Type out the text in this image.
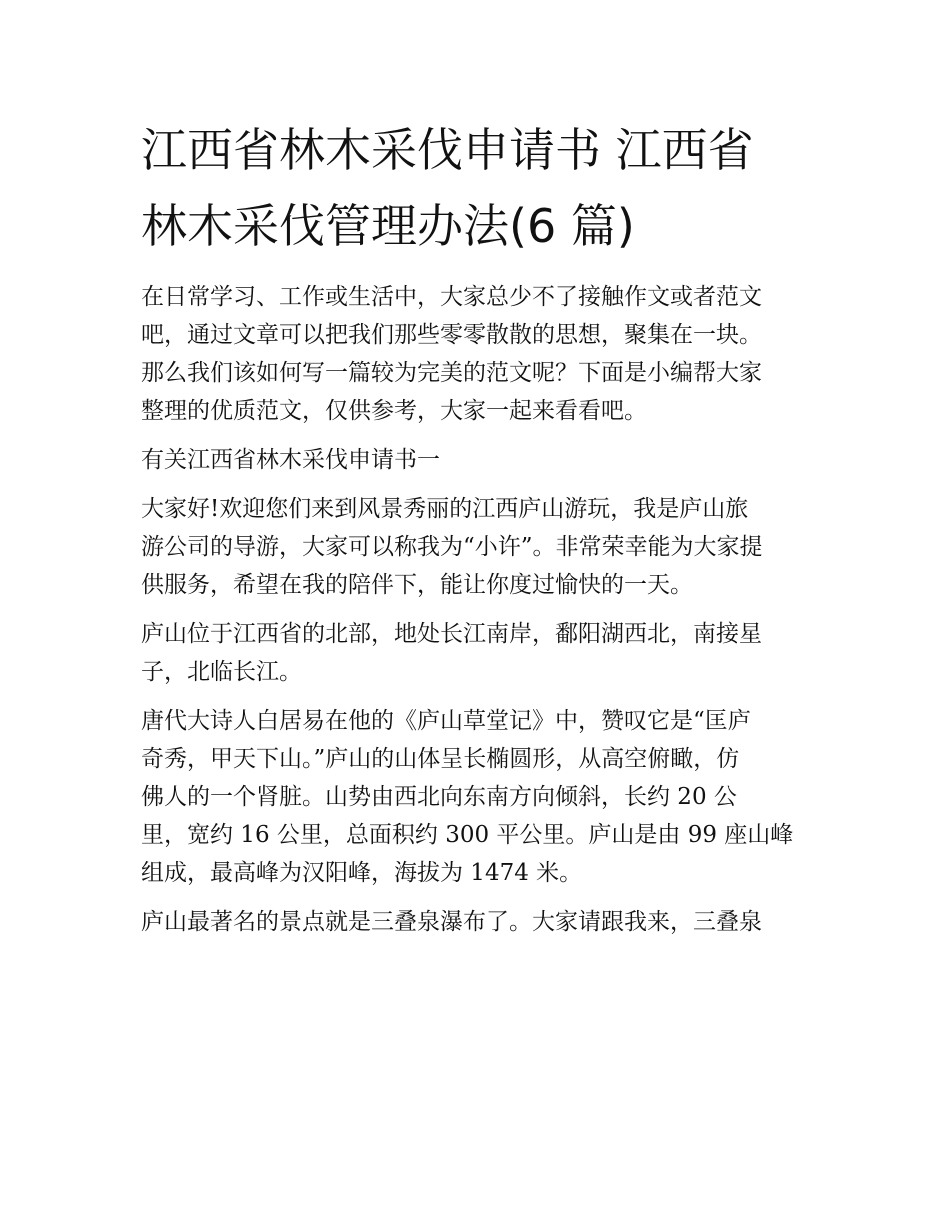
江西省林木采伐申请书 江西省
林木采伐管理办法(6 篇)

在日常学习、工作或生活中，大家总少不了接触作文或者范文
吧，通过文章可以把我们那些零零散散的思想，聚集在一块。
那么我们该如何写一篇较为完美的范文呢？下面是小编帮大家
整理的优质范文，仅供参考，大家一起来看看吧。

有关江西省林木采伐申请书一

大家好!欢迎您们来到风景秀丽的江西庐山游玩，我是庐山旅
游公司的导游，大家可以称我为“小许”。非常荣幸能为大家提
供服务，希望在我的陪伴下，能让你度过愉快的一天。

庐山位于江西省的北部，地处长江南岸，鄱阳湖西北，南接星
子，北临长江。

唐代大诗人白居易在他的《庐山草堂记》中，赞叹它是“匡庐
奇秀，甲天下山。”庐山的山体呈长椭圆形，从高空俯瞰，仿
佛人的一个肾脏。山势由西北向东南方向倾斜，长约 20 公
里，宽约 16 公里，总面积约 300 平公里。庐山是由 99 座山峰
组成，最高峰为汉阳峰，海拔为 1474 米。

庐山最著名的景点就是三叠泉瀑布了。大家请跟我来，三叠泉
